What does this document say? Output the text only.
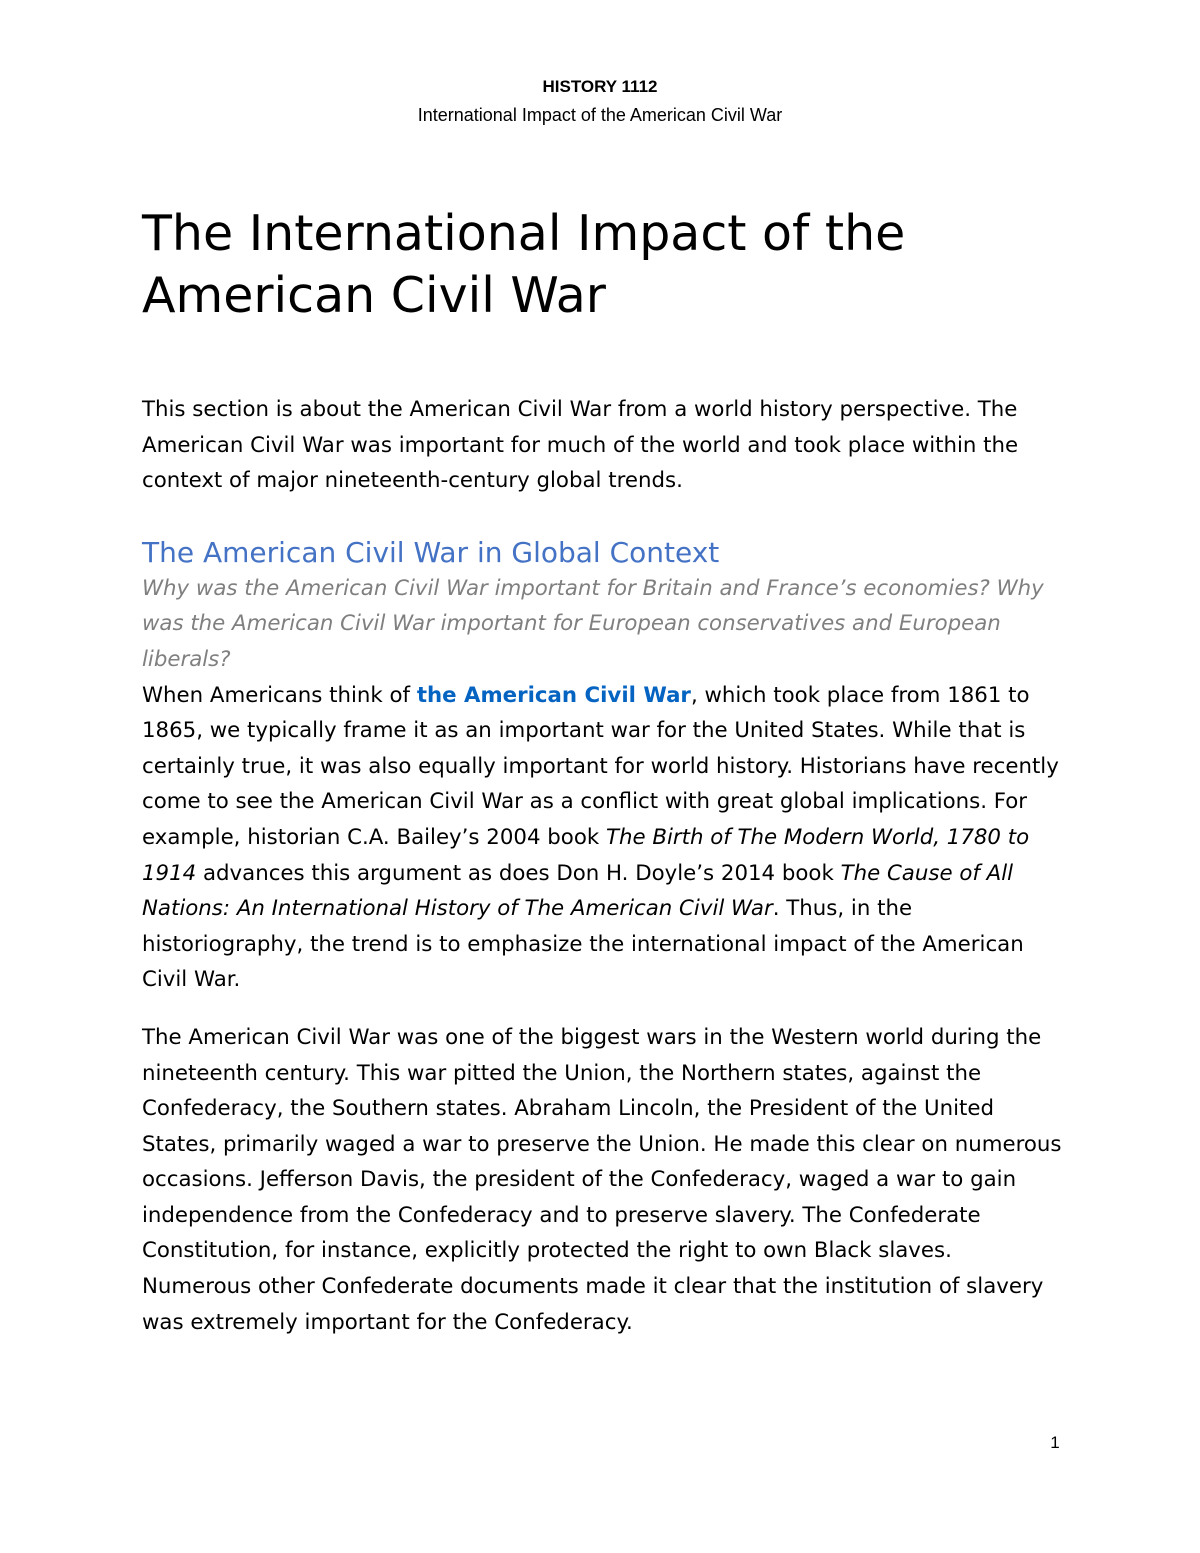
HISTORY 1112
International Impact of the American Civil War
The International Impact of the
American Civil War

This section is about the American Civil War from a world history perspective. The American Civil War was important for much of the world and took place within the context of major nineteenth-century global trends.

The American Civil War in Global Context

Why was the American Civil War important for Britain and France’s economies? Why was the American Civil War important for European conservatives and European liberals?

When Americans think of the American Civil War, which took place from 1861 to 1865, we typically frame it as an important war for the United States. While that is certainly true, it was also equally important for world history. Historians have recently come to see the American Civil War as a conflict with great global implications. For example, historian C.A. Bailey’s 2004 book The Birth of The Modern World, 1780 to 1914 advances this argument as does Don H. Doyle’s 2014 book The Cause of All Nations: An International History of The American Civil War. Thus, in the historiography, the trend is to emphasize the international impact of the American Civil War.

The American Civil War was one of the biggest wars in the Western world during the nineteenth century. This war pitted the Union, the Northern states, against the Confederacy, the Southern states. Abraham Lincoln, the President of the United States, primarily waged a war to preserve the Union. He made this clear on numerous occasions. Jefferson Davis, the president of the Confederacy, waged a war to gain independence from the Confederacy and to preserve slavery. The Confederate Constitution, for instance, explicitly protected the right to own Black slaves. Numerous other Confederate documents made it clear that the institution of slavery was extremely important for the Confederacy.

1
